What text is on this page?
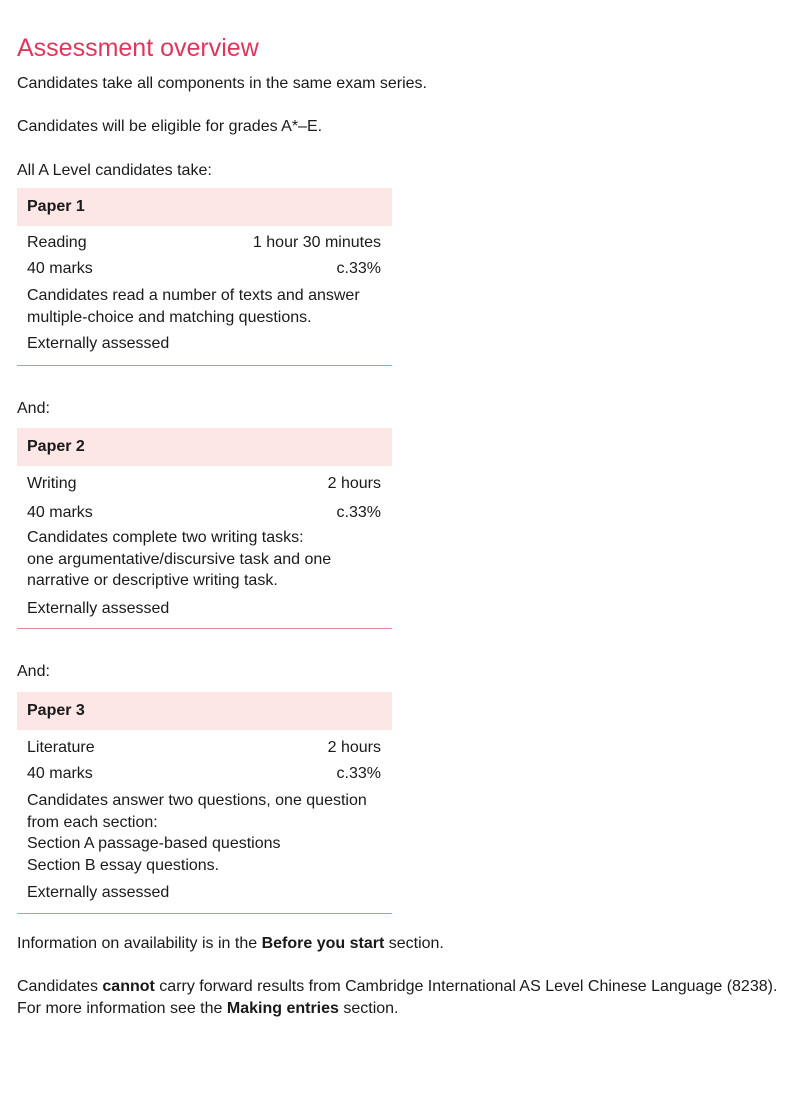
Assessment overview

Candidates take all components in the same exam series.

Candidates will be eligible for grades A*–E.

All A Level candidates take:

Paper 1
Reading	1 hour 30 minutes
40 marks	c.33%
Candidates read a number of texts and answer
multiple-choice and matching questions.
Externally assessed

And:

Paper 2
Writing	2 hours
40 marks	c.33%
Candidates complete two writing tasks:
one argumentative/discursive task and one
narrative or descriptive writing task.
Externally assessed

And:

Paper 3
Literature	2 hours
40 marks	c.33%
Candidates answer two questions, one question
from each section:
Section A passage-based questions
Section B essay questions.
Externally assessed

Information on availability is in the Before you start section.

Candidates cannot carry forward results from Cambridge International AS Level Chinese Language (8238).

For more information see the Making entries section.
